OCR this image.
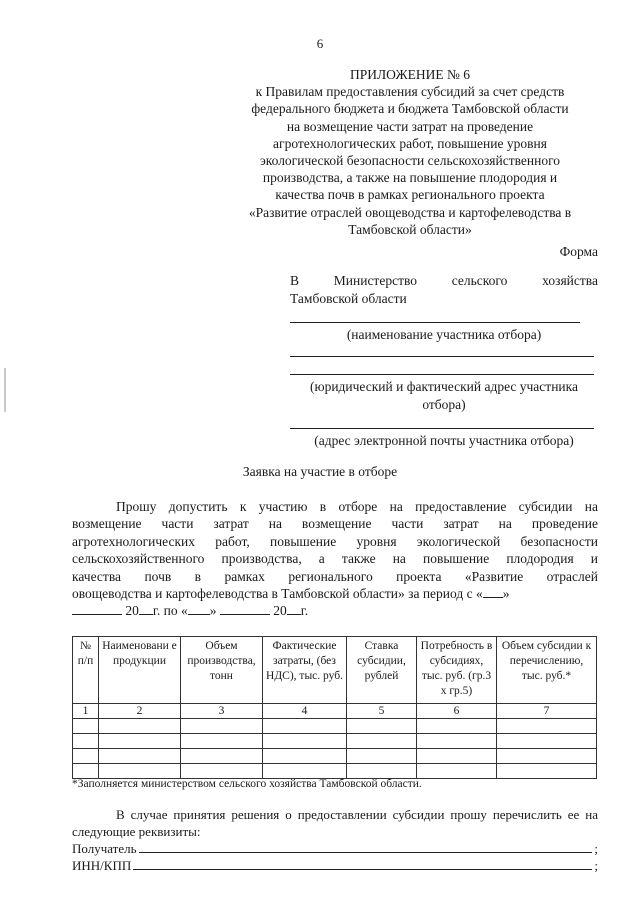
6
ПРИЛОЖЕНИЕ № 6
к Правилам предоставления субсидий за счет средств
федерального бюджета и бюджета Тамбовской области
на возмещение части затрат на проведение
агротехнологических работ, повышение уровня
экологической безопасности сельскохозяйственного
производства, а также на повышение плодородия и
качества почв в рамках регионального проекта
«Развитие отраслей овощеводства и картофелеводства в
Тамбовской области»
Форма
В	Министерство	сельского	хозяйства
Тамбовской области
(наименование участника отбора)
(юридический и фактический адрес участника
отбора)
(адрес электронной почты участника отбора)
Заявка на участие в отборе
Прошу допустить к участию в отборе на предоставление субсидии на
возмещение части затрат на возмещение части затрат на проведение
агротехнологических работ, повышение уровня экологической безопасности
сельскохозяйственного производства, а также на повышение плодородия и
качества почв в рамках регионального проекта «Развитие отраслей
овощеводства и картофелеводства в Тамбовской области» за период с « »
20 г. по « »	20 г.
№ п/п	Наименовани е продукции	Объем производства, тонн	Фактические затраты, (без НДС), тыс. руб.	Ставка субсидии, рублей	Потребность в субсидиях, тыс. руб. (гр.3 х гр.5)	Объем субсидии к перечислению, тыс. руб.*
1	2	3	4	5	6	7

*Заполняется министерством сельского хозяйства Тамбовской области.
В случае принятия решения о предоставлении субсидии прошу перечислить ее на
следующие реквизиты:
Получатель	;
ИНН/КПП	;
